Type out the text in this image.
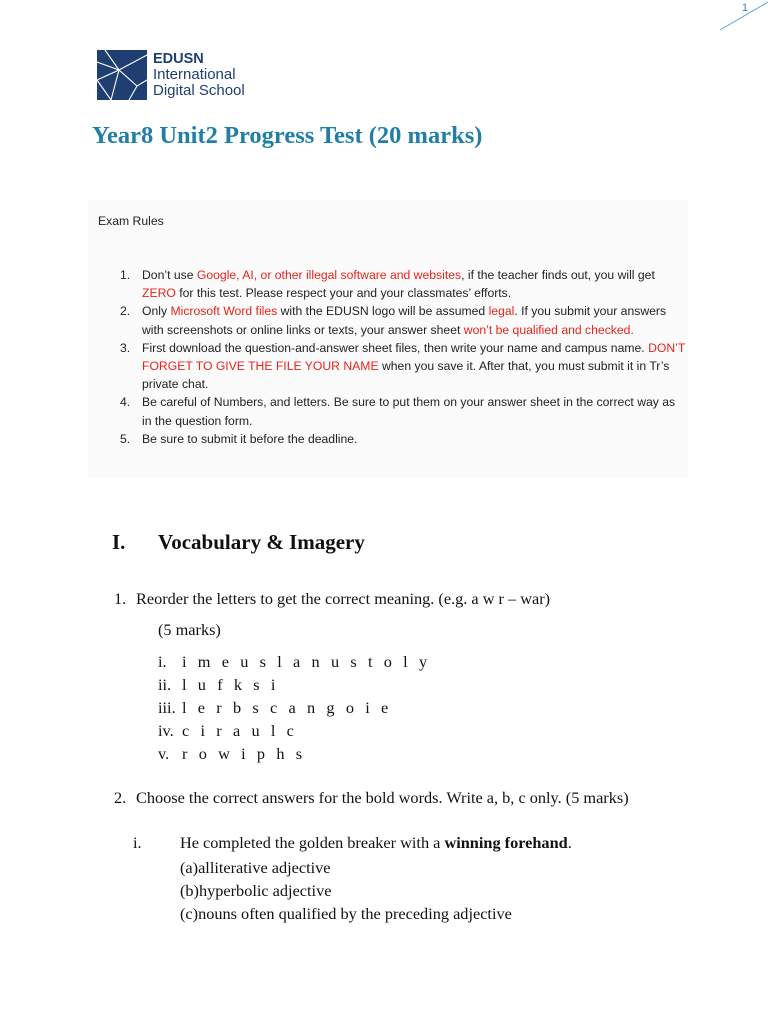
1
EDUSN
International
Digital School
Year8 Unit2 Progress Test (20 marks)
Exam Rules
1. Don’t use Google, AI, or other illegal software and websites, if the teacher finds out, you will get ZERO for this test. Please respect your and your classmates’ efforts.
2. Only Microsoft Word files with the EDUSN logo will be assumed legal. If you submit your answers with screenshots or online links or texts, your answer sheet won’t be qualified and checked.
3. First download the question-and-answer sheet files, then write your name and campus name. DON’T FORGET TO GIVE THE FILE YOUR NAME when you save it. After that, you must submit it in Tr’s private chat.
4. Be careful of Numbers, and letters. Be sure to put them on your answer sheet in the correct way as in the question form.
5. Be sure to submit it before the deadline.
I. Vocabulary & Imagery
1. Reorder the letters to get the correct meaning. (e.g. a w r – war)
(5 marks)
i. i m e u s l a n u s t o l y
ii. l u f k s i
iii. l e r b s c a n g o i e
iv. c i r a u l c
v. r o w i p h s
2. Choose the correct answers for the bold words. Write a, b, c only. (5 marks)
i. He completed the golden breaker with a winning forehand.
(a)alliterative adjective
(b)hyperbolic adjective
(c)nouns often qualified by the preceding adjective
